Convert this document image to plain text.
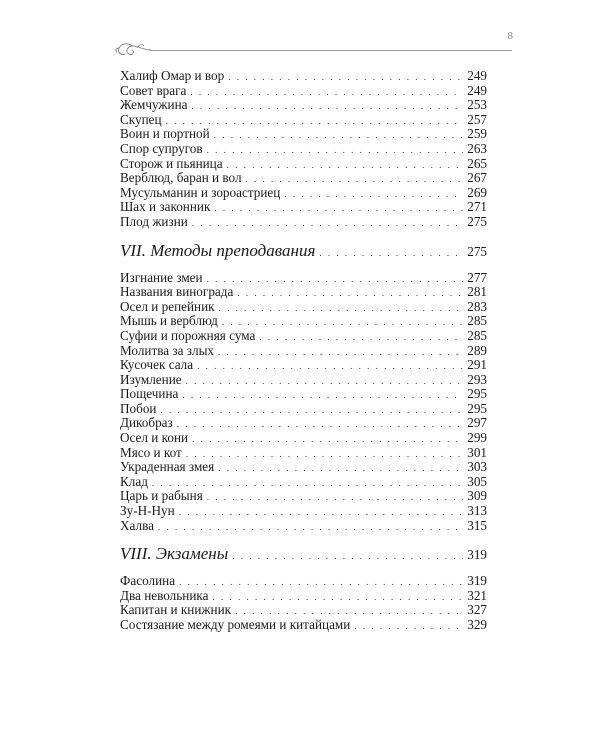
8
Халиф Омар и вор . . .	249
Совет врага . . .	249
Жемчужина . . .	253
Скупец . . .	257
Воин и портной . . .	259
Спор супругов . . .	263
Сторож и пьяница . . .	265
Верблюд, баран и вол . . .	267
Мусульманин и зороастриец . . .	269
Шах и законник . . .	271
Плод жизни . . .	275
VII. Методы преподавания . . .	275
Изгнание змеи . . .	277
Названия винограда . . .	281
Осел и репейник . . .	283
Мышь и верблюд . . .	285
Суфии и порожняя сума . . .	285
Молитва за злых . . .	289
Кусочек сала . . .	291
Изумление . . .	293
Пощечина . . .	295
Побои . . .	295
Дикобраз . . .	297
Осел и кони . . .	299
Мясо и кот . . .	301
Украденная змея . . .	303
Клад . . .	305
Царь и рабыня . . .	309
Зу-Н-Нун . . .	313
Халва . . .	315
VIII. Экзамены . . .	319
Фасолина . . .	319
Два невольника . . .	321
Капитан и книжник . . .	327
Состязание между ромеями и китайцами . . .	329
